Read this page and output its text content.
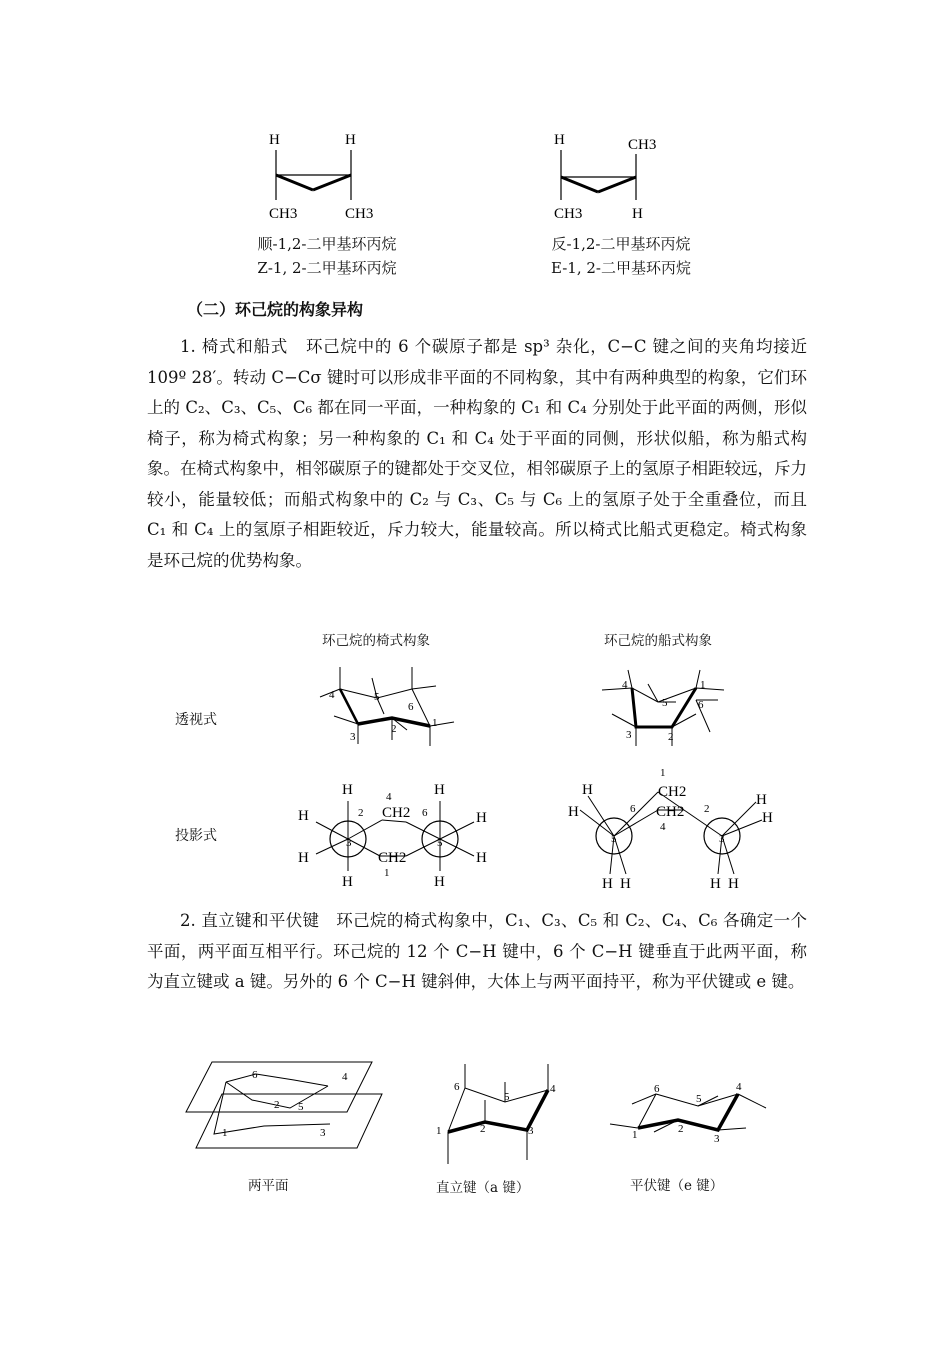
H	H
CH3	CH3
顺-1,2-二甲基环丙烷
Z-1, 2-二甲基环丙烷
H	CH3
CH3	H
反-1,2-二甲基环丙烷
E-1, 2-二甲基环丙烷
（二）环己烷的构象异构

1. 椅式和船式 环己烷中的 6 个碳原子都是 sp³ 杂化，C−C 键之间的夹角均接近 109º 28′。转动 C−Cσ 键时可以形成非平面的不同构象，其中有两种典型的构象，它们环上的 C₂、C₃、C₅、C₆ 都在同一平面，一种构象的 C₁ 和 C₄ 分别处于此平面的两侧，形似椅子，称为椅式构象；另一种构象的 C₁ 和 C₄ 处于平面的同侧，形状似船，称为船式构象。在椅式构象中，相邻碳原子的键都处于交叉位，相邻碳原子上的氢原子相距较远，斥力较小，能量较低；而船式构象中的 C₂ 与 C₃、C₅ 与 C₆ 上的氢原子处于全重叠位，而且 C₁ 和 C₄ 上的氢原子相距较近，斥力较大，能量较高。所以椅式比船式更稳定。椅式构象是环己烷的优势构象。

环己烷的椅式构象	环己烷的船式构象
透视式
投影式
4	5
6
1
2
3
4
5
1
6
3	2
3	5
2
4
6
1
CH2
CH2
H
H
H
H
H
H
H
H
1
6	2
4
5	3
CH2
CH2
H
H
H H
H
H
H H

2. 直立键和平伏键 环己烷的椅式构象中，C₁、C₃、C₅ 和 C₂、C₄、C₆ 各确定一个平面，两平面互相平行。环己烷的 12 个 C−H 键中，6 个 C−H 键垂直于此两平面，称为直立键或 a 键。另外的 6 个 C−H 键斜伸，大体上与两平面持平，称为平伏键或 e 键。

6	4
2 5
1	3
6
5
4
1	2	3
6
5
4
1	2
3
两平面	直立键（a 键）	平伏键（e 键）
